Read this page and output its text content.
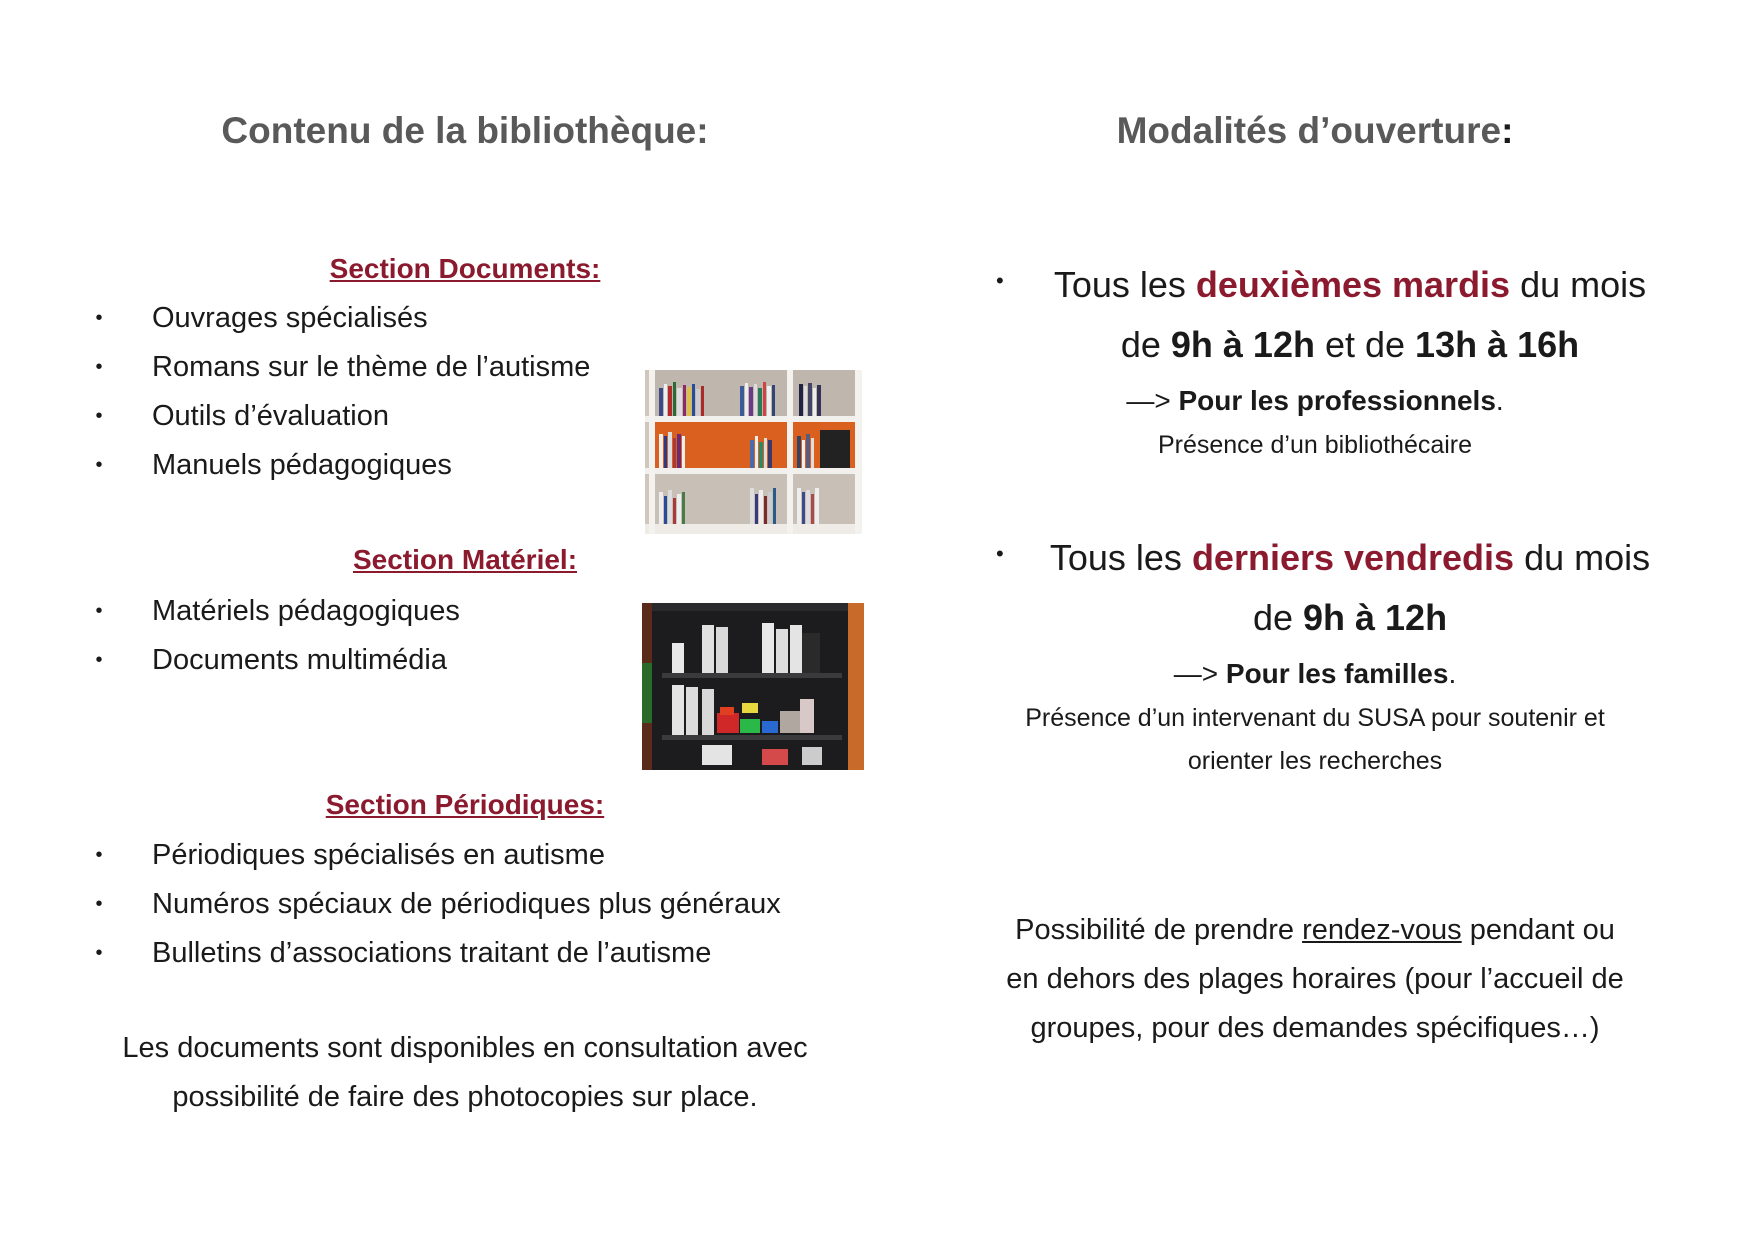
Contenu de la bibliothèque:
Section Documents:
• Ouvrages spécialisés
• Romans sur le thème de l’autisme
• Outils d’évaluation
• Manuels pédagogiques
Section Matériel:
• Matériels pédagogiques
• Documents multimédia
Section Périodiques:
• Périodiques spécialisés en autisme
• Numéros spéciaux de périodiques plus généraux
• Bulletins d’associations traitant de l’autisme
Les documents sont disponibles en consultation avec
possibilité de faire des photocopies sur place.
Modalités d’ouverture:
•	Tous les deuxièmes mardis du mois
de 9h à 12h et de 13h à 16h
—> Pour les professionnels.
Présence d’un bibliothécaire
•	Tous les derniers vendredis du mois
de 9h à 12h
—> Pour les familles.
Présence d’un intervenant du SUSA pour soutenir et
orienter les recherches
Possibilité de prendre rendez-vous pendant ou
en dehors des plages horaires (pour l’accueil de
groupes, pour des demandes spécifiques…)
